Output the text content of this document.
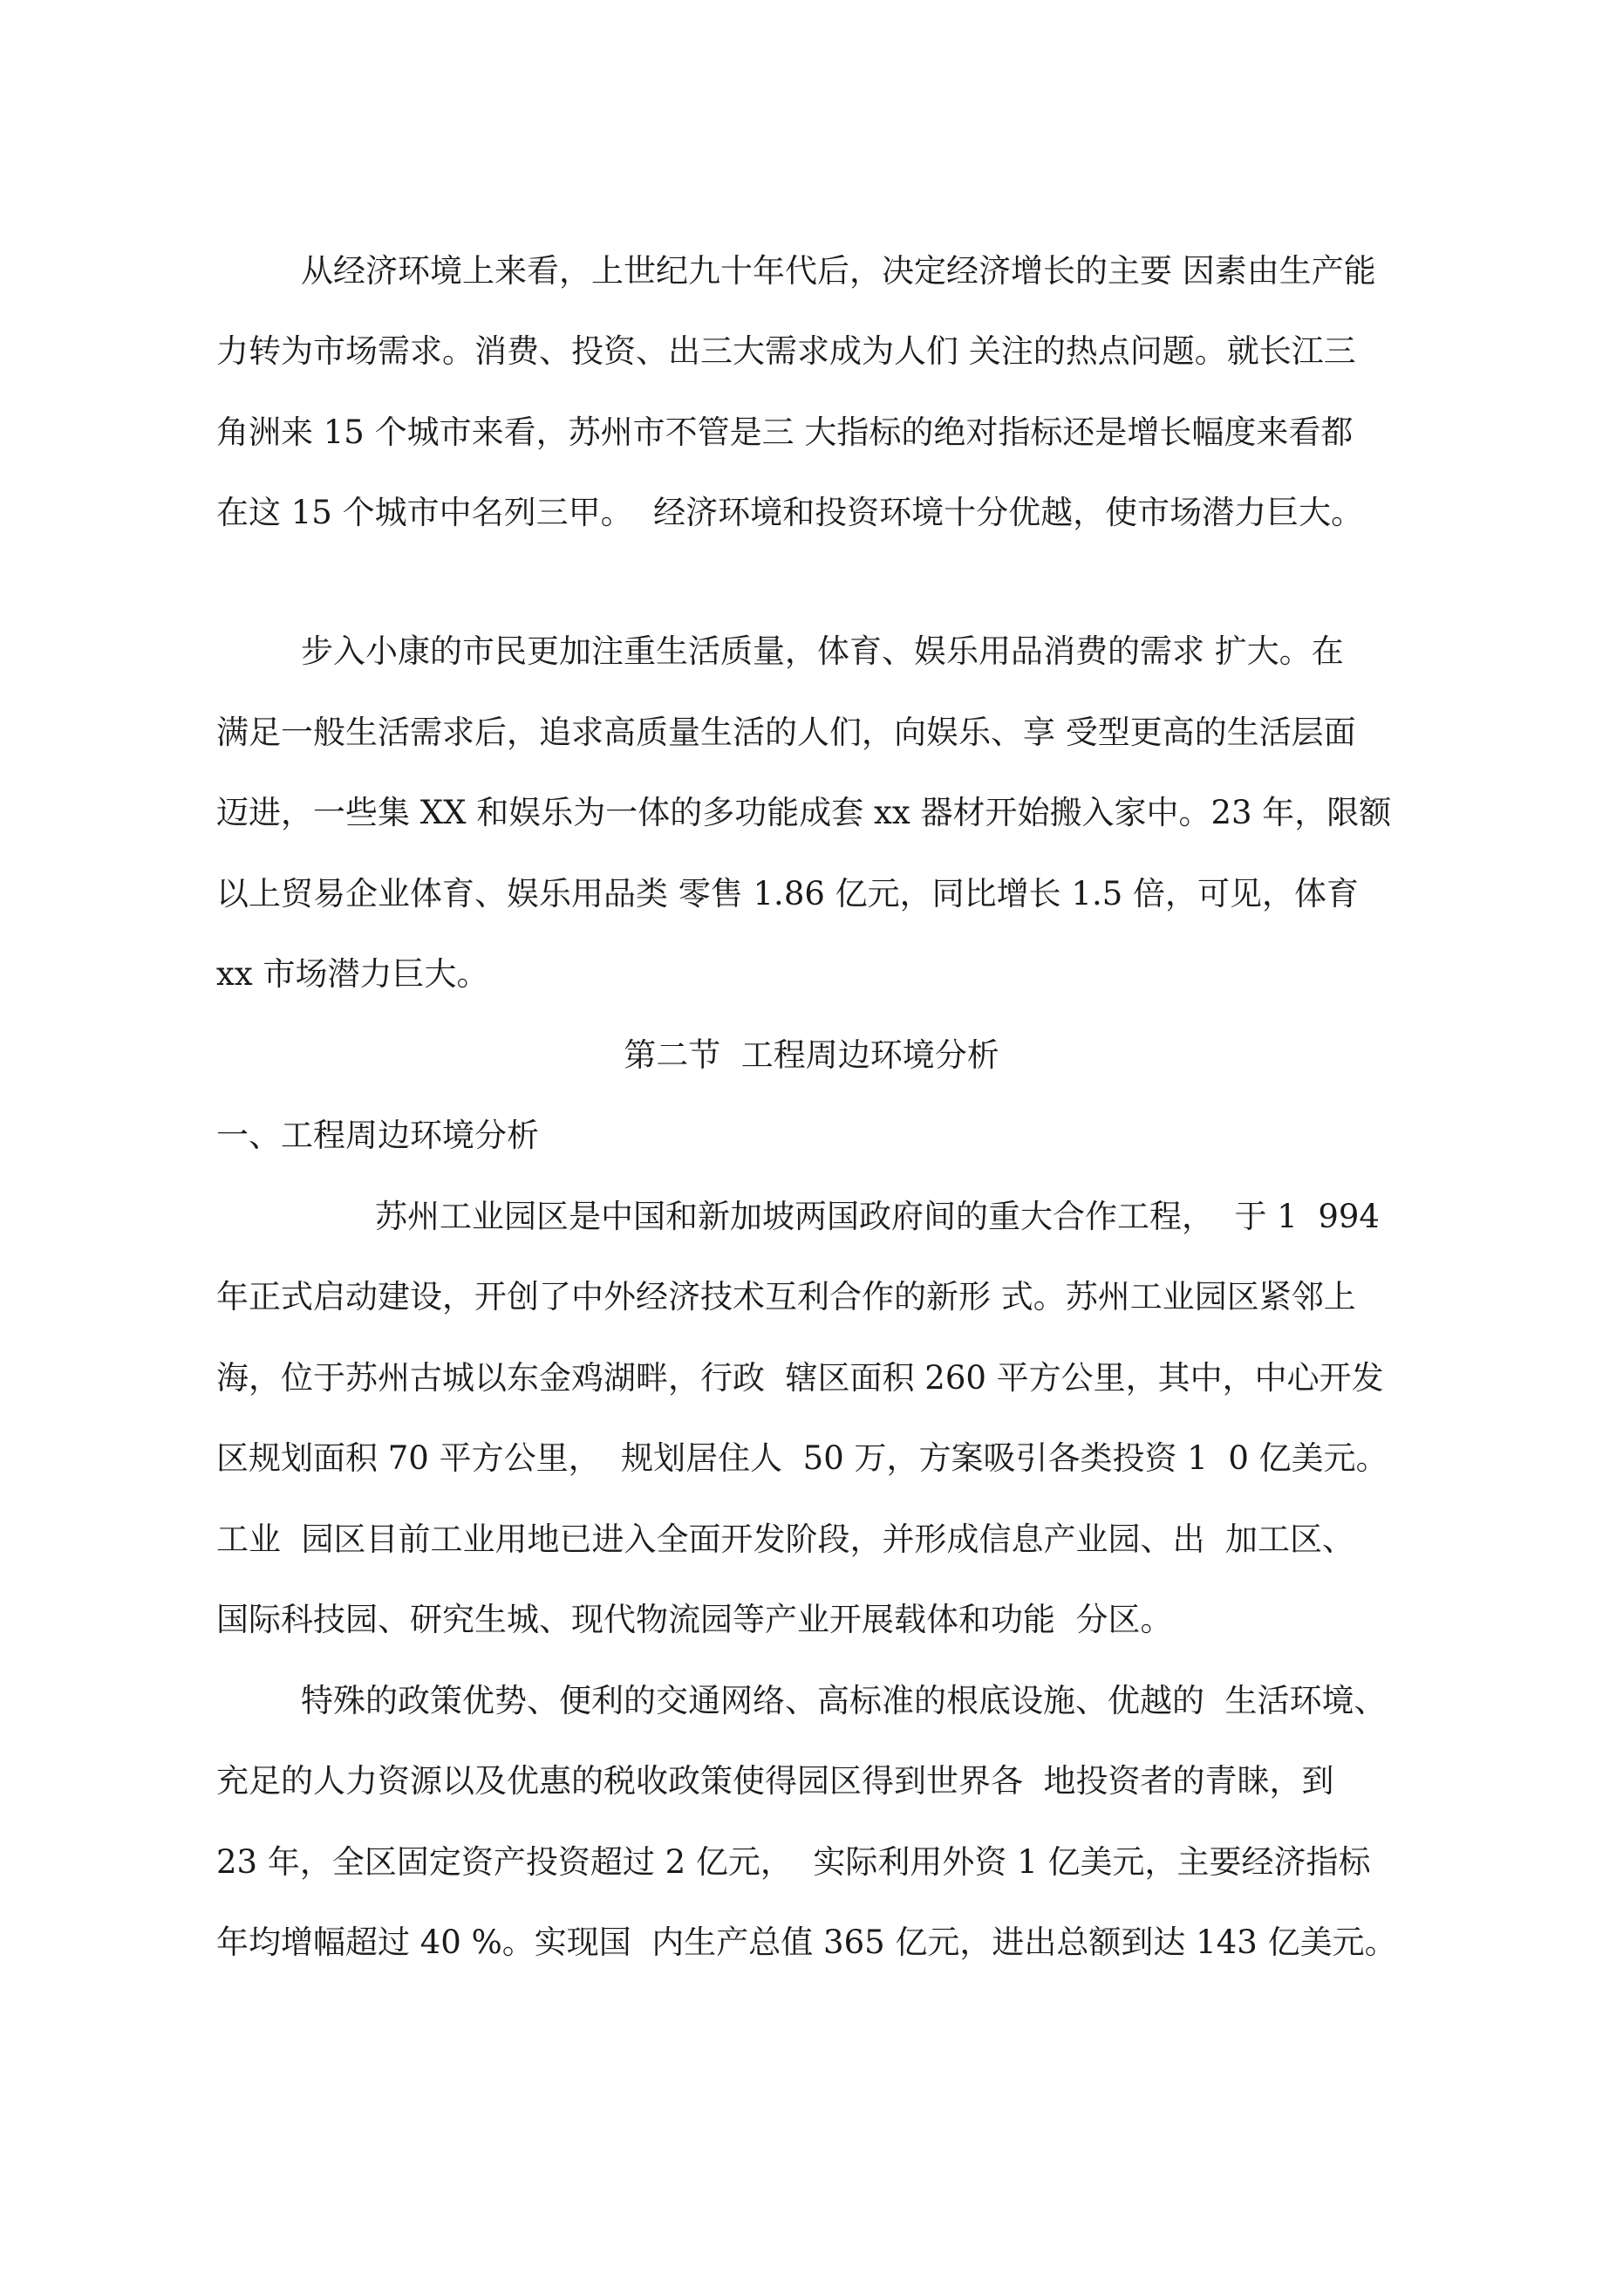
从经济环境上来看，上世纪九十年代后，决定经济增长的主要 因素由生产能
力转为市场需求。消费、投资、出三大需求成为人们 关注的热点问题。就长江三
角洲来 15 个城市来看，苏州市不管是三 大指标的绝对指标还是增长幅度来看都
在这 15 个城市中名列三甲。  经济环境和投资环境十分优越，使市场潜力巨大。
步入小康的市民更加注重生活质量，体育、娱乐用品消费的需求 扩大。在
满足一般生活需求后，追求高质量生活的人们，向娱乐、享 受型更高的生活层面
迈进，一些集 XX 和娱乐为一体的多功能成套 xx 器材开始搬入家中。23 年，限额
以上贸易企业体育、娱乐用品类 零售 1.86 亿元，同比增长 1.5 倍，可见，体育
xx 市场潜力巨大。
第二节  工程周边环境分析
一、工程周边环境分析
苏州工业园区是中国和新加坡两国政府间的重大合作工程，  于 1  994
年正式启动建设，开创了中外经济技术互利合作的新形 式。苏州工业园区紧邻上
海，位于苏州古城以东金鸡湖畔，行政  辖区面积 260 平方公里，其中，中心开发
区规划面积 70 平方公里，  规划居住人  50 万，方案吸引各类投资 1  0 亿美元。
工业  园区目前工业用地已进入全面开发阶段，并形成信息产业园、出  加工区、
国际科技园、研究生城、现代物流园等产业开展载体和功能  分区。
特殊的政策优势、便利的交通网络、高标准的根底设施、优越的  生活环境、
充足的人力资源以及优惠的税收政策使得园区得到世界各  地投资者的青睐，到
23 年，全区固定资产投资超过 2 亿元，  实际利用外资 1 亿美元，主要经济指标
年均增幅超过 40 %。实现国  内生产总值 365 亿元，进出总额到达 143 亿美元。
